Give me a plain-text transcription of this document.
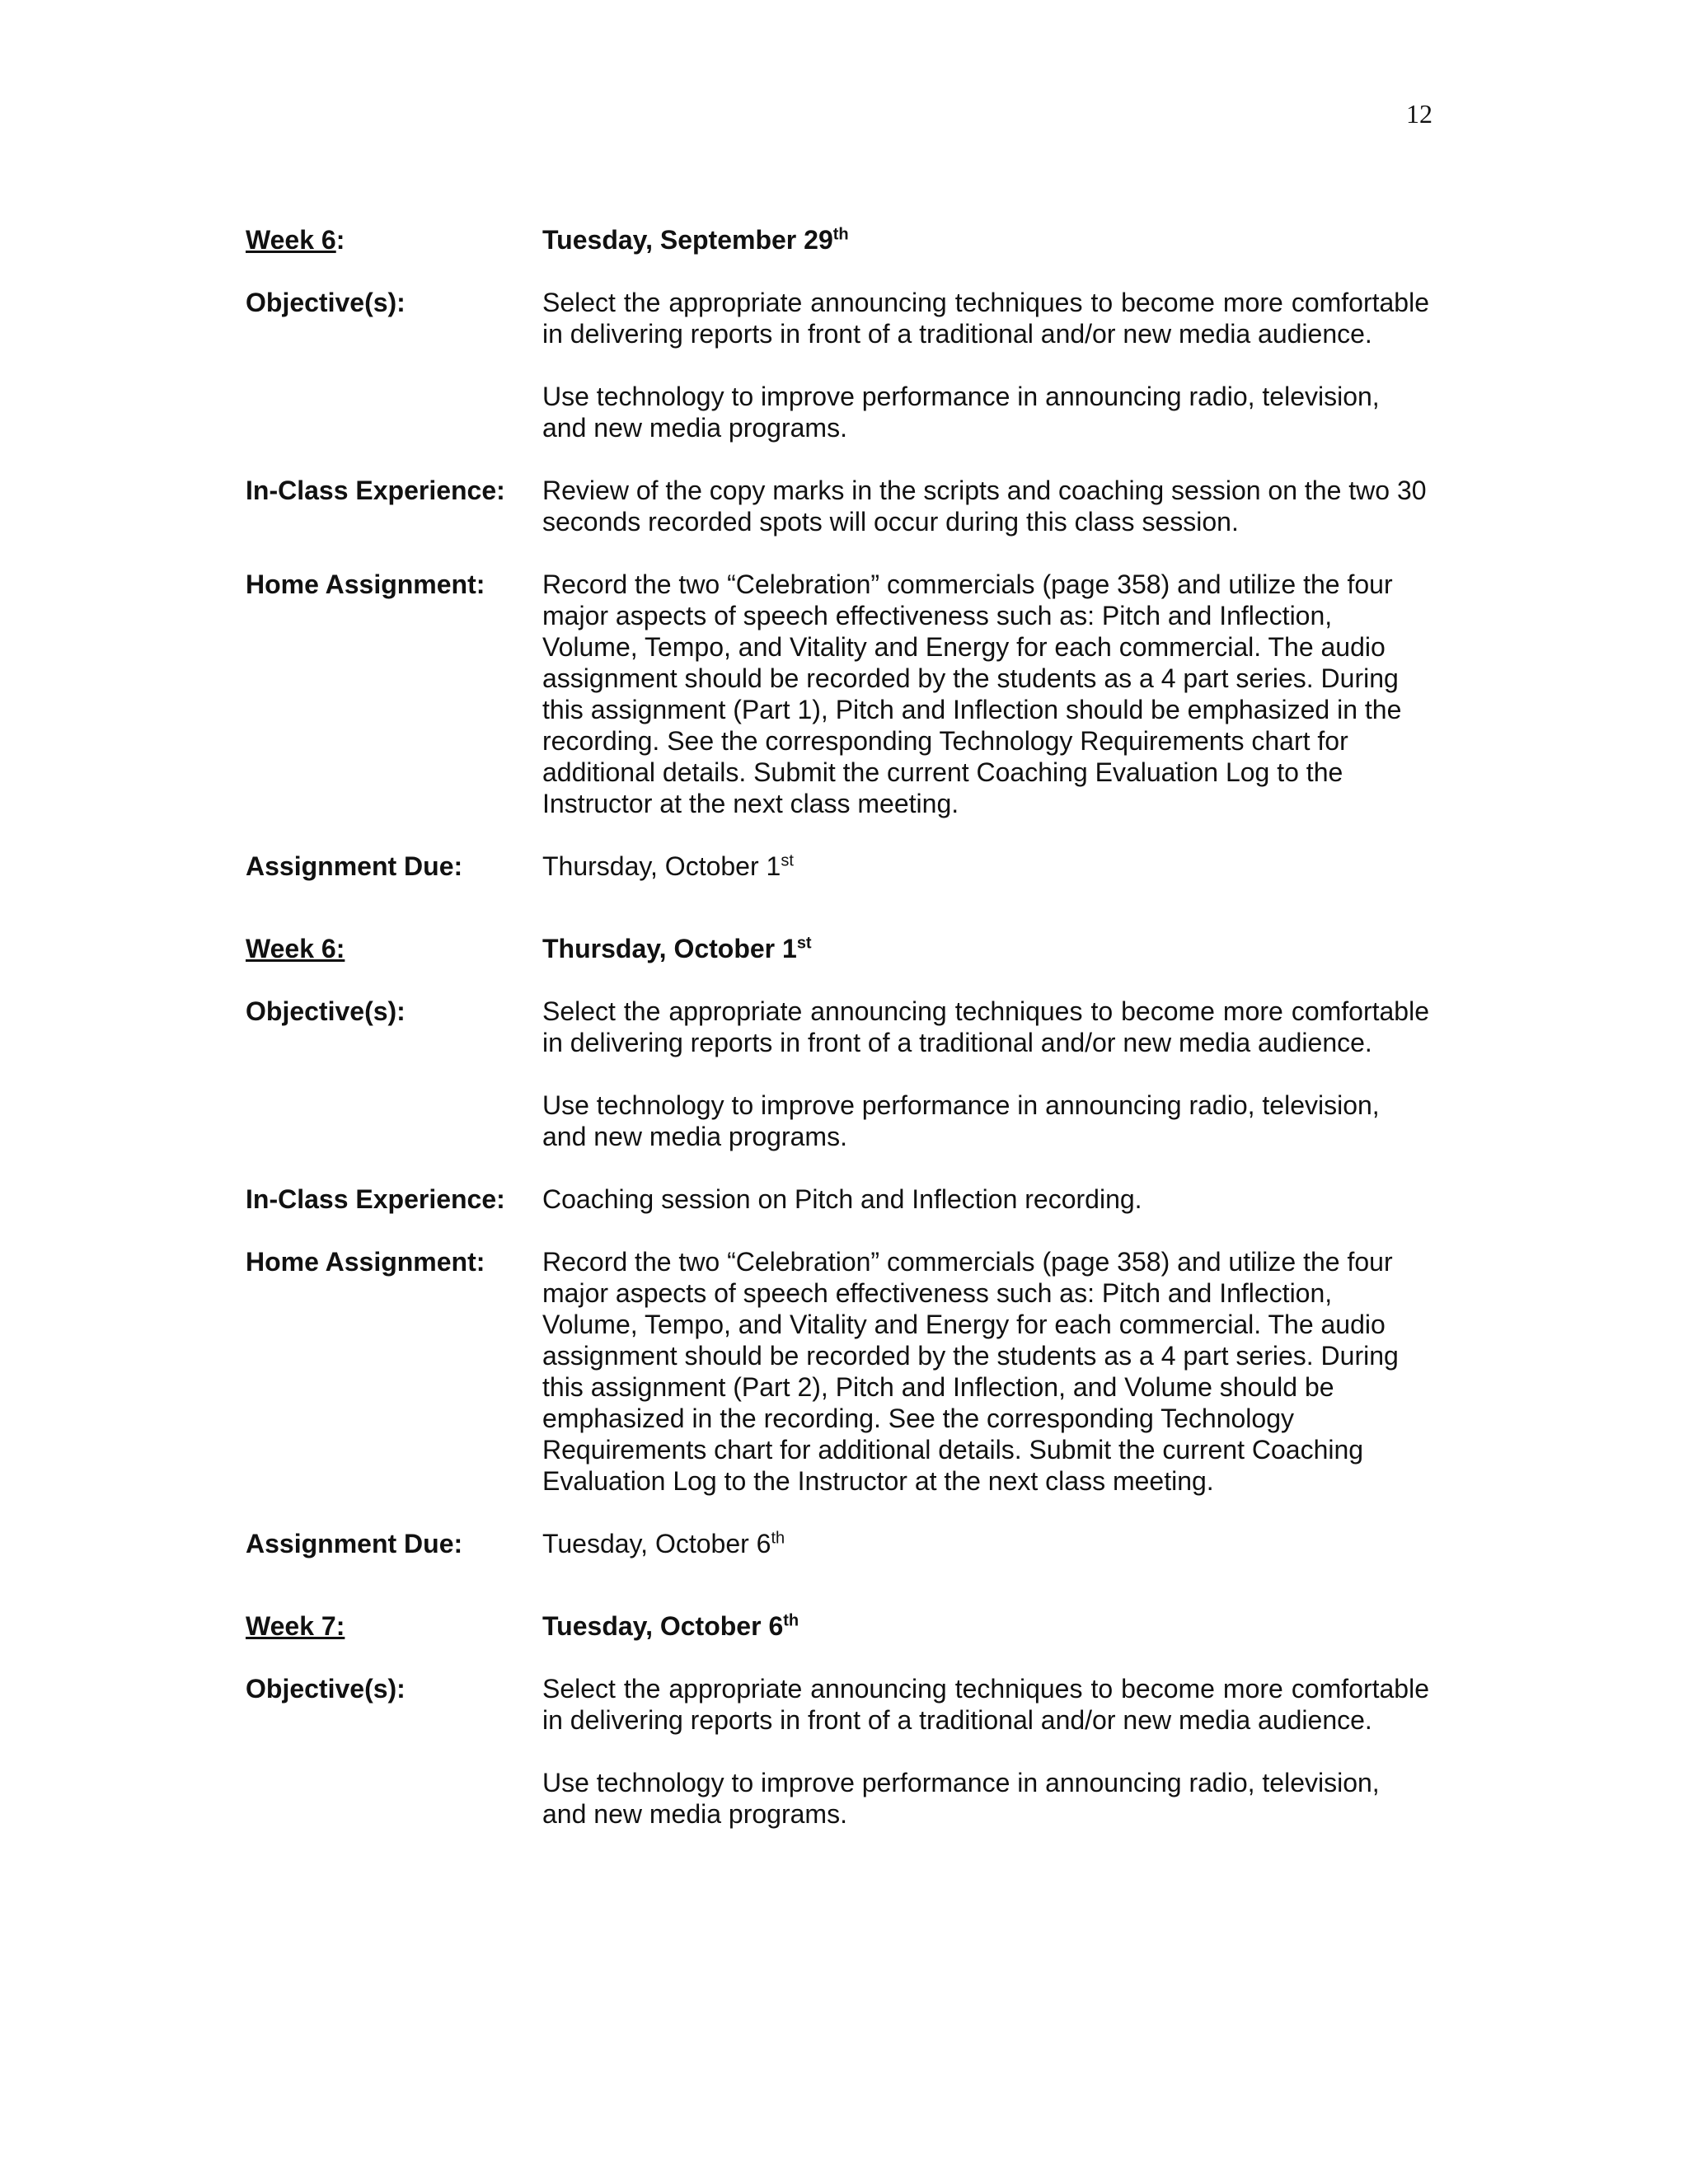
12
Week 6:	Tuesday, September 29th
Objective(s):	Select the appropriate announcing techniques to become more comfortable in delivering reports in front of a traditional and/or new media audience.

Use technology to improve performance in announcing radio, television, and new media programs.

In-Class Experience:	Review of the copy marks in the scripts and coaching session on the two 30 seconds recorded spots will occur during this class session.
Home Assignment:	Record the two “Celebration” commercials (page 358) and utilize the four major aspects of speech effectiveness such as: Pitch and Inflection, Volume, Tempo, and Vitality and Energy for each commercial. The audio assignment should be recorded by the students as a 4 part series. During this assignment (Part 1), Pitch and Inflection should be emphasized in the recording. See the corresponding Technology Requirements chart for additional details. Submit the current Coaching Evaluation Log to the Instructor at the next class meeting.
Assignment Due:	Thursday, October 1st
Week 6:	Thursday, October 1st
Objective(s):	Select the appropriate announcing techniques to become more comfortable in delivering reports in front of a traditional and/or new media audience.

Use technology to improve performance in announcing radio, television, and new media programs.

In-Class Experience:	Coaching session on Pitch and Inflection recording.
Home Assignment:	Record the two “Celebration” commercials (page 358) and utilize the four major aspects of speech effectiveness such as: Pitch and Inflection, Volume, Tempo, and Vitality and Energy for each commercial. The audio assignment should be recorded by the students as a 4 part series. During this assignment (Part 2), Pitch and Inflection, and Volume should be emphasized in the recording. See the corresponding Technology Requirements chart for additional details. Submit the current Coaching Evaluation Log to the Instructor at the next class meeting.
Assignment Due:	Tuesday, October 6th
Week 7:	Tuesday, October 6th
Objective(s):	Select the appropriate announcing techniques to become more comfortable in delivering reports in front of a traditional and/or new media audience.

Use technology to improve performance in announcing radio, television, and new media programs.
